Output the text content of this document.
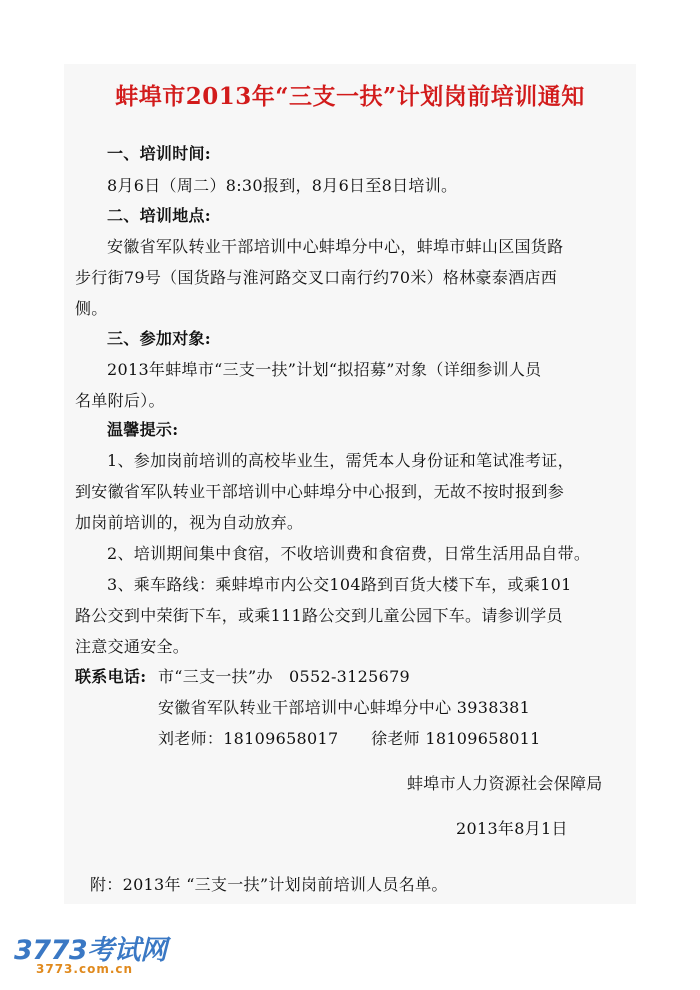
蚌埠市2013年“三支一扶”计划岗前培训通知
一、培训时间:
8月6日（周二）8:30报到，8月6日至8日培训。
二、培训地点:
安徽省军队转业干部培训中心蚌埠分中心，蚌埠市蚌山区国货路
步行街79号（国货路与淮河路交叉口南行约70米）格林豪泰酒店西
侧。
三、参加对象:
2013年蚌埠市“三支一扶”计划“拟招募”对象（详细参训人员
名单附后）。
温馨提示:
1、参加岗前培训的高校毕业生，需凭本人身份证和笔试准考证，
到安徽省军队转业干部培训中心蚌埠分中心报到，无故不按时报到参
加岗前培训的，视为自动放弃。
2、培训期间集中食宿，不收培训费和食宿费，日常生活用品自带。
3、乘车路线：乘蚌埠市内公交104路到百货大楼下车，或乘101
路公交到中荣街下车，或乘111路公交到儿童公园下车。请参训学员
注意交通安全。
联系电话: 市“三支一扶”办　0552-3125679
安徽省军队转业干部培训中心蚌埠分中心 3938381
刘老师：18109658017　　徐老师 18109658011
蚌埠市人力资源社会保障局
2013年8月1日
附：2013年 “三支一扶”计划岗前培训人员名单。
3773考试网
3773.com.cn
